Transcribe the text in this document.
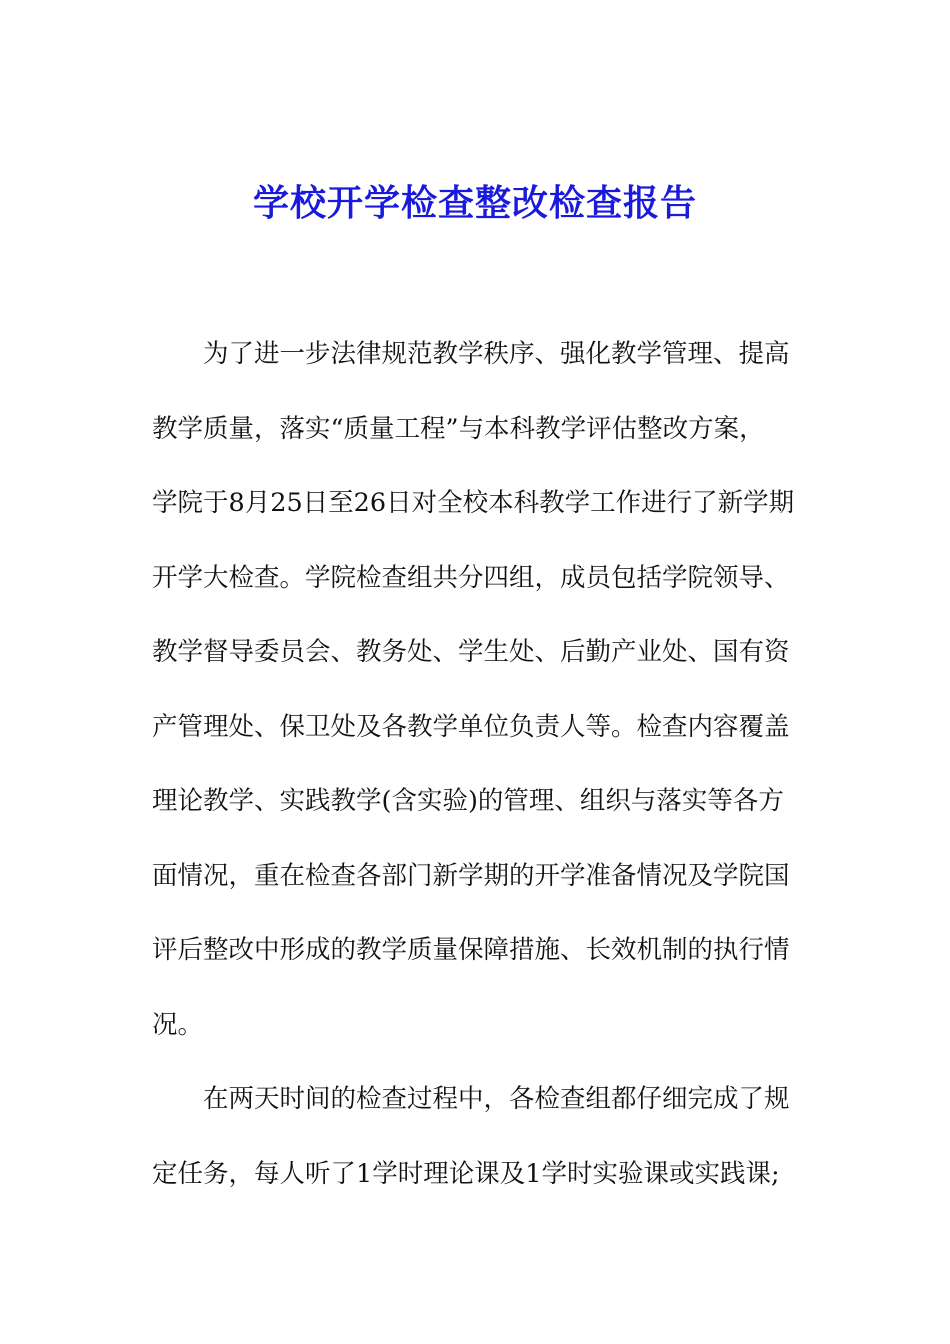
学校开学检查整改检查报告
为了进一步法律规范教学秩序、强化教学管理、提高
教学质量，落实“质量工程”与本科教学评估整改方案，
学院于8月25日至26日对全校本科教学工作进行了新学期
开学大检查。学院检查组共分四组，成员包括学院领导、
教学督导委员会、教务处、学生处、后勤产业处、国有资
产管理处、保卫处及各教学单位负责人等。检查内容覆盖
理论教学、实践教学(含实验)的管理、组织与落实等各方
面情况，重在检查各部门新学期的开学准备情况及学院国
评后整改中形成的教学质量保障措施、长效机制的执行情
况。
在两天时间的检查过程中，各检查组都仔细完成了规
定任务，每人听了1学时理论课及1学时实验课或实践课;
